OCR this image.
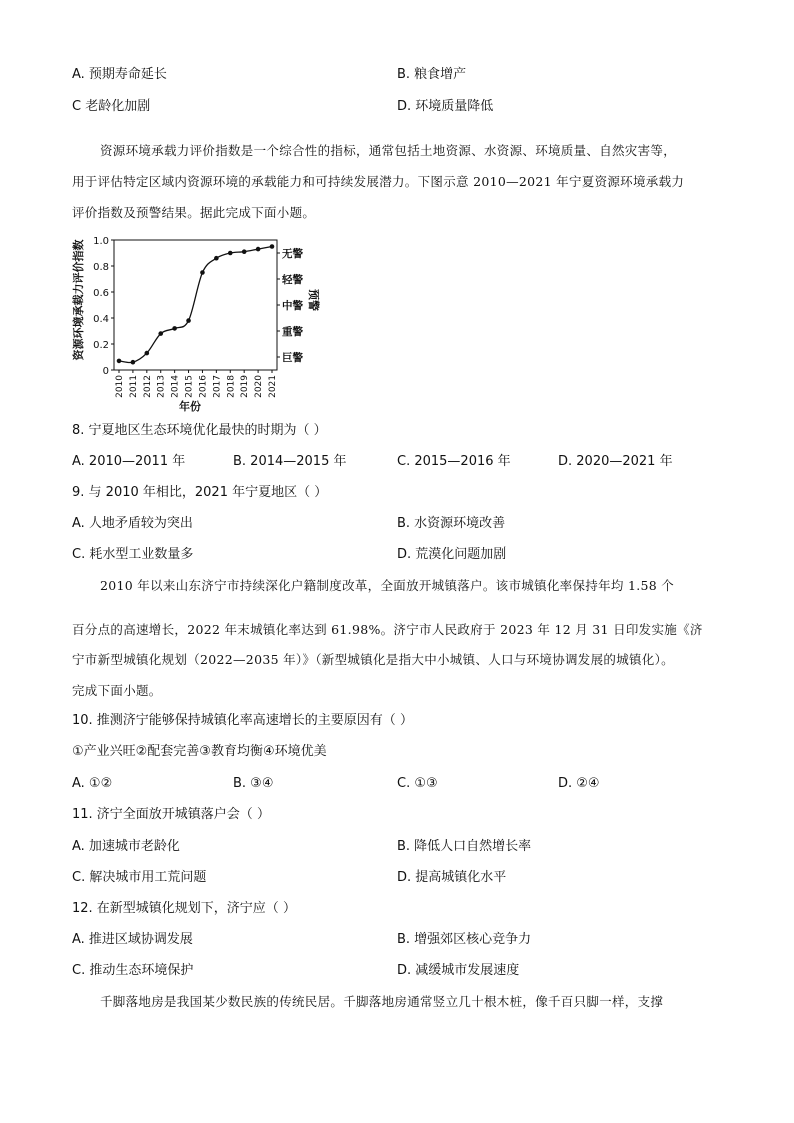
A. 预期寿命延长	B. 粮食增产
C 老龄化加剧	D. 环境质量降低
资源环境承载力评价指数是一个综合性的指标，通常包括土地资源、水资源、环境质量、自然灾害等，
用于评估特定区域内资源环境的承载能力和可持续发展潜力。下图示意 2010—2021 年宁夏资源环境承载力
评价指数及预警结果。据此完成下面小题。
0
0.2
0.4
0.6
0.8
1.0
2010 2011 2012 2013 2014 2015 2016 2017 2018 2019 2020 2021
无警
轻警
中警
重警
巨警
资源环境承载力评价指数	预警
年份
8. 宁夏地区生态环境优化最快的时期为（ ）
A. 2010—2011 年	B. 2014—2015 年	C. 2015—2016 年	D. 2020—2021 年
9. 与 2010 年相比，2021 年宁夏地区（ ）
A. 人地矛盾较为突出	B. 水资源环境改善
C. 耗水型工业数量多	D. 荒漠化问题加剧
2010 年以来山东济宁市持续深化户籍制度改革，全面放开城镇落户。该市城镇化率保持年均 1.58 个
百分点的高速增长，2022 年末城镇化率达到 61.98%。济宁市人民政府于 2023 年 12 月 31 日印发实施《济
宁市新型城镇化规划（2022—2035 年）》（新型城镇化是指大中小城镇、人口与环境协调发展的城镇化）。
完成下面小题。
10. 推测济宁能够保持城镇化率高速增长的主要原因有（ ）
①产业兴旺②配套完善③教育均衡④环境优美
A. ①②	B. ③④	C. ①③	D. ②④
11. 济宁全面放开城镇落户会（ ）
A. 加速城市老龄化	B. 降低人口自然增长率
C. 解决城市用工荒问题	D. 提高城镇化水平
12. 在新型城镇化规划下，济宁应（ ）
A. 推进区域协调发展	B. 增强郊区核心竞争力
C. 推动生态环境保护	D. 减缓城市发展速度
千脚落地房是我国某少数民族的传统民居。千脚落地房通常竖立几十根木桩，像千百只脚一样，支撑
